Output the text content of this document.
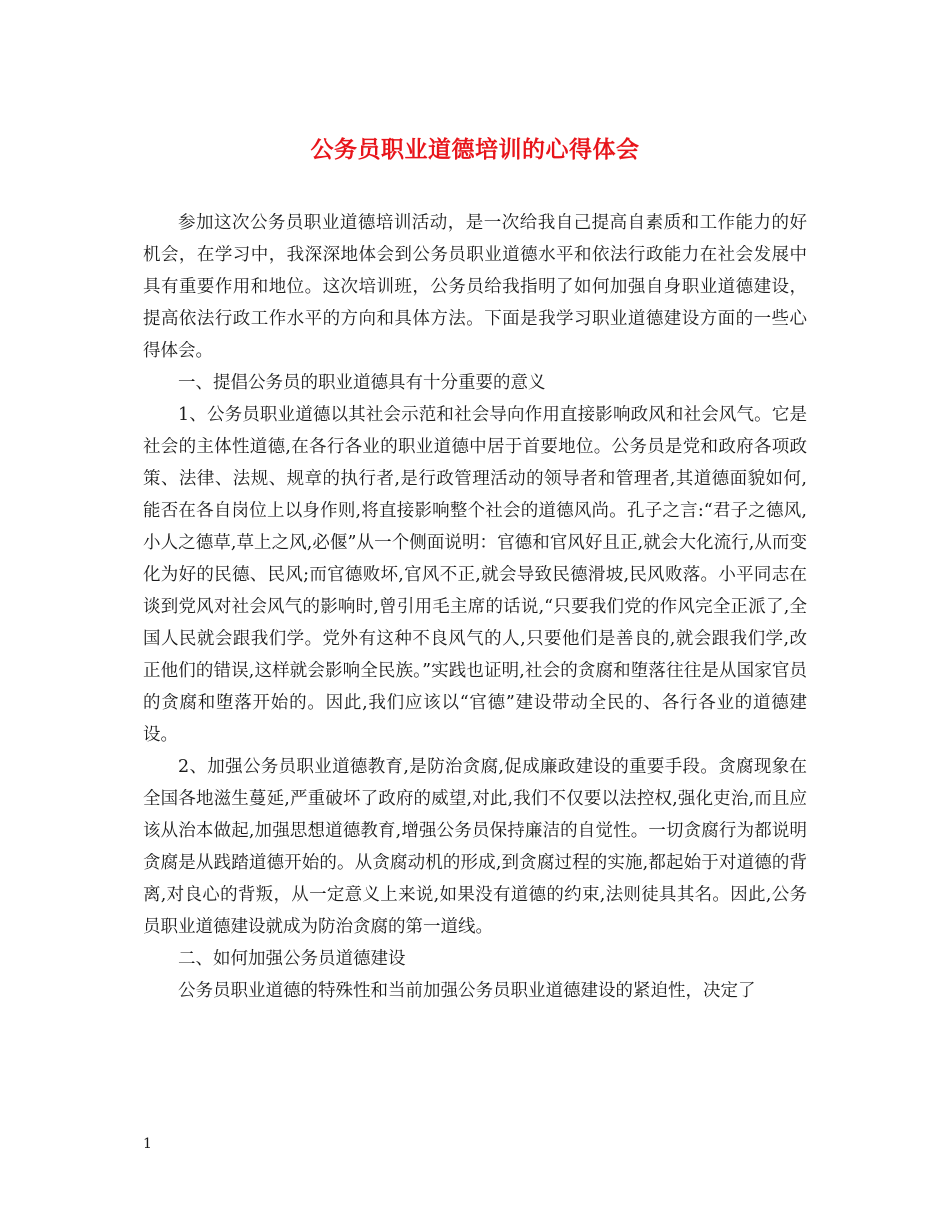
公务员职业道德培训的心得体会

参加这次公务员职业道德培训活动，是一次给我自己提高自素质和工作能力的好机会，在学习中，我深深地体会到公务员职业道德水平和依法行政能力在社会发展中具有重要作用和地位。这次培训班，公务员给我指明了如何加强自身职业道德建设，提高依法行政工作水平的方向和具体方法。下面是我学习职业道德建设方面的一些心得体会。

一、提倡公务员的职业道德具有十分重要的意义

1、公务员职业道德以其社会示范和社会导向作用直接影响政风和社会风气。它是社会的主体性道德,在各行各业的职业道德中居于首要地位。公务员是党和政府各项政策、法律、法规、规章的执行者,是行政管理活动的领导者和管理者,其道德面貌如何,能否在各自岗位上以身作则,将直接影响整个社会的道德风尚。孔子之言:“君子之德风,小人之德草,草上之风,必偃”从一个侧面说明：官德和官风好且正,就会大化流行,从而变化为好的民德、民风;而官德败坏,官风不正,就会导致民德滑坡,民风败落。小平同志在谈到党风对社会风气的影响时,曾引用毛主席的话说,“只要我们党的作风完全正派了,全国人民就会跟我们学。党外有这种不良风气的人,只要他们是善良的,就会跟我们学,改正他们的错误,这样就会影响全民族。”实践也证明,社会的贪腐和堕落往往是从国家官员的贪腐和堕落开始的。因此,我们应该以“官德”建设带动全民的、各行各业的道德建设。

2、加强公务员职业道德教育,是防治贪腐,促成廉政建设的重要手段。贪腐现象在全国各地滋生蔓延,严重破坏了政府的威望,对此,我们不仅要以法控权,强化吏治,而且应该从治本做起,加强思想道德教育,增强公务员保持廉洁的自觉性。一切贪腐行为都说明贪腐是从践踏道德开始的。从贪腐动机的形成,到贪腐过程的实施,都起始于对道德的背离,对良心的背叛，从一定意义上来说,如果没有道德的约束,法则徒具其名。因此,公务员职业道德建设就成为防治贪腐的第一道线。

二、如何加强公务员道德建设

公务员职业道德的特殊性和当前加强公务员职业道德建设的紧迫性，决定了

1
